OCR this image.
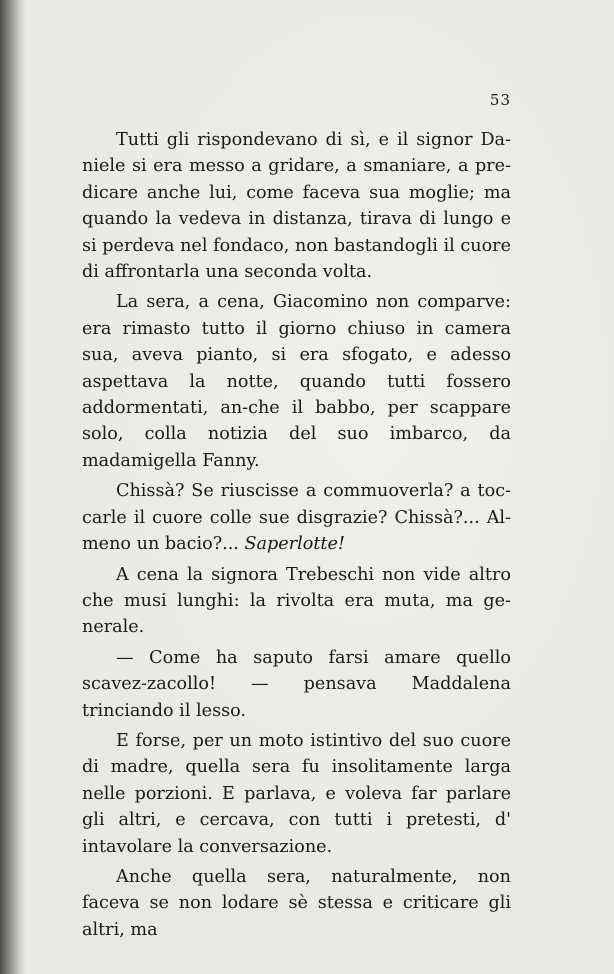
53

Tutti gli rispondevano di sì, e il signor Da-niele si era messo a gridare, a smaniare, a pre-dicare anche lui, come faceva sua moglie; ma quando la vedeva in distanza, tirava di lungo e si perdeva nel fondaco, non bastandogli il cuore di affrontarla una seconda volta.

La sera, a cena, Giacomino non comparve: era rimasto tutto il giorno chiuso in camera sua, aveva pianto, si era sfogato, e adesso aspettava la notte, quando tutti fossero addormentati, an-che il babbo, per scappare solo, colla notizia del suo imbarco, da madamigella Fanny.

Chissà? Se riuscisse a commuoverla? a toc-carle il cuore colle sue disgrazie? Chissà?... Al-meno un bacio?... Saperlotte!

A cena la signora Trebeschi non vide altro che musi lunghi: la rivolta era muta, ma ge-nerale.

— Come ha saputo farsi amare quello scavez-zacollo! — pensava Maddalena trinciando il lesso.

E forse, per un moto istintivo del suo cuore di madre, quella sera fu insolitamente larga nelle porzioni. E parlava, e voleva far parlare gli altri, e cercava, con tutti i pretesti, d' intavolare la conversazione.

Anche quella sera, naturalmente, non faceva se non lodare sè stessa e criticare gli altri, ma
